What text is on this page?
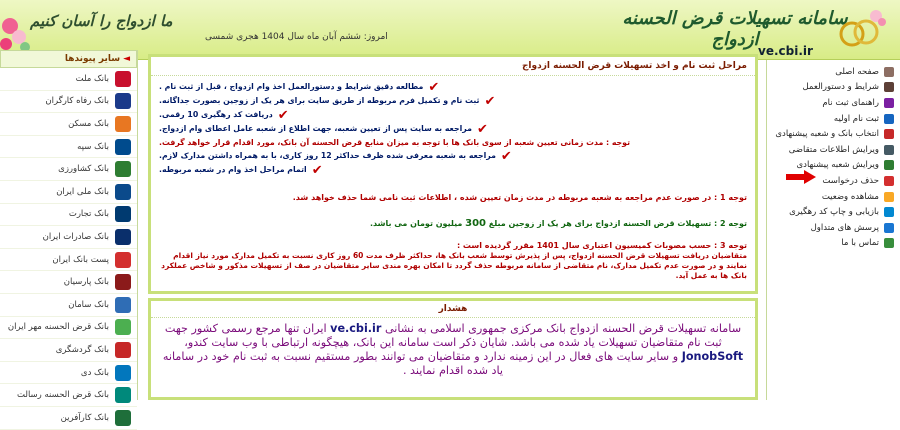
ما ازدواج را آسان کنیم
امروز: ششم آبان ماه سال 1404 هجری شمسی
سامانه تسهیلات قرض الحسنه ازدواج
ve.cbi.ir
سایر پیوندها ◄
بانک ملت
بانک رفاه کارگران
بانک مسکن
بانک سپه
بانک کشاورزی
بانک ملی ایران
بانک تجارت
بانک صادرات ایران
پست بانک ایران
بانک پارسیان
بانک سامان
بانک قرض الحسنه مهر ایران
بانک گردشگری
بانک دی
بانک قرض الحسنه رسالت
بانک کارآفرین
مراحل ثبت نام و اخذ تسهیلات قرض الحسنه ازدواج
✔
مطالعه دقیق شرایط و دستورالعمل اخذ وام ازدواج ، قبل از ثبت نام .
✔
ثبت نام و تکمیل فرم مربوطه از طریق سایت برای هر یک از زوجین بصورت جداگانه.
✔
دریافت کد رهگیری 10 رقمی.
✔
مراجعه به سایت پس از تعیین شعبه، جهت اطلاع از شعبه عامل اعطای وام ازدواج.
توجه : مدت زمانی تعیین شعبه از سوی بانک ها با توجه به میزان منابع قرض الحسنه آن بانک، مورد اقدام قرار خواهد گرفت.
✔
مراجعه به شعبه معرفی شده ظرف حداکثر 12 روز کاری، با به همراه داشتن مدارک لازم.
✔
اتمام مراحل اخذ وام در شعبه مربوطه.
توجه 1 : در صورت عدم مراجعه به شعبه مربوطه در مدت زمان تعیین شده ، اطلاعات ثبت نامی شما حذف خواهد شد.
توجه 2 : تسهیلات قرض الحسنه ازدواج برای هر یک از زوجین مبلغ 300 میلیون تومان می باشد.
توجه 3 : حسب مصوبات کمیسیون اعتباری سال 1401 مقرر گردیده است :
متقاضیان دریافت تسهیلات قرض الحسنه ازدواج، پس از پذیرش توسط شعب بانک ها، حداکثر ظرف مدت 60 روز کاری نسبت به تکمیل مدارک مورد نیاز اقدام نمایند و در صورت عدم تکمیل مدارک، نام متقاضی از سامانه مربوطه حذف گردد تا امکان بهره مندی سایر متقاضیان در صف از تسهیلات مذکور و شاخص عملکرد بانک ها به عمل آید.
هشدار
سامانه تسهیلات قرض الحسنه ازدواج بانک مرکزی جمهوری اسلامی به نشانی ve.cbi.ir ایران تنها مرجع رسمی کشور جهت ثبت نام متقاضیان تسهیلات یاد شده می باشد. شایان ذکر است سامانه این بانک، هیچگونه ارتباطی با وب سایت کندو، JonobSoft و سایر سایت های فعال در این زمینه ندارد و متقاضیان می توانند بطور مستقیم نسبت به ثبت نام خود در سامانه یاد شده اقدام نمایند .
صفحه اصلی
شرایط و دستورالعمل
راهنمای ثبت نام
ثبت نام اولیه
انتخاب بانک و شعبه پیشنهادی
ویرایش اطلاعات متقاضی
ویرایش شعبه پیشنهادی
حذف درخواست
مشاهده وضعیت
بازیابی و چاپ کد رهگیری
پرسش های متداول
تماس با ما
